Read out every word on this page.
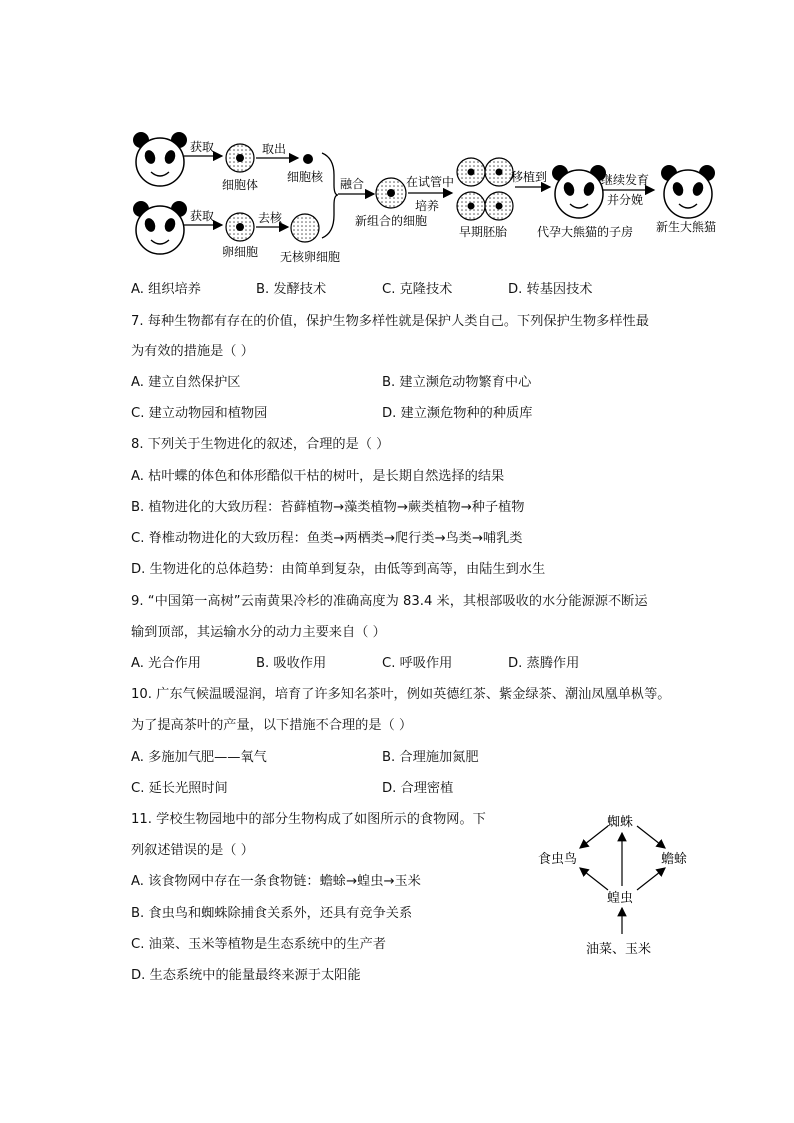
获取
细胞体
取出
细胞核
获取
卵细胞
去核
无核卵细胞
融合
新组合的细胞
在试管中
培养
早期胚胎
移植到
代孕大熊猫的子房
继续发育
并分娩
新生大熊猫
A. 组织培养	B. 发酵技术	C. 克隆技术	D. 转基因技术
7. 每种生物都有存在的价值，保护生物多样性就是保护人类自己。下列保护生物多样性最
为有效的措施是（ ）
A. 建立自然保护区	B. 建立濒危动物繁育中心
C. 建立动物园和植物园	D. 建立濒危物种的种质库
8. 下列关于生物进化的叙述，合理的是（ ）
A. 枯叶蝶的体色和体形酷似干枯的树叶，是长期自然选择的结果
B. 植物进化的大致历程：苔藓植物→藻类植物→蕨类植物→种子植物
C. 脊椎动物进化的大致历程：鱼类→两栖类→爬行类→鸟类→哺乳类
D. 生物进化的总体趋势：由简单到复杂，由低等到高等，由陆生到水生
9. “中国第一高树”云南黄果冷杉的准确高度为 83.4 米，其根部吸收的水分能源源不断运
输到顶部，其运输水分的动力主要来自（ ）
A. 光合作用	B. 吸收作用	C. 呼吸作用	D. 蒸腾作用
10. 广东气候温暖湿润，培育了许多知名茶叶，例如英德红茶、紫金绿茶、潮汕凤凰单枞等。
为了提高茶叶的产量，以下措施不合理的是（ ）
A. 多施加气肥——氧气	B. 合理施加氮肥
C. 延长光照时间	D. 合理密植
11. 学校生物园地中的部分生物构成了如图所示的食物网。下
列叙述错误的是（ ）
A. 该食物网中存在一条食物链：蟾蜍→蝗虫→玉米
B. 食虫鸟和蜘蛛除捕食关系外，还具有竞争关系
C. 油菜、玉米等植物是生态系统中的生产者
D. 生态系统中的能量最终来源于太阳能
蜘蛛
食虫鸟	蟾蜍
蝗虫
油菜、玉米
